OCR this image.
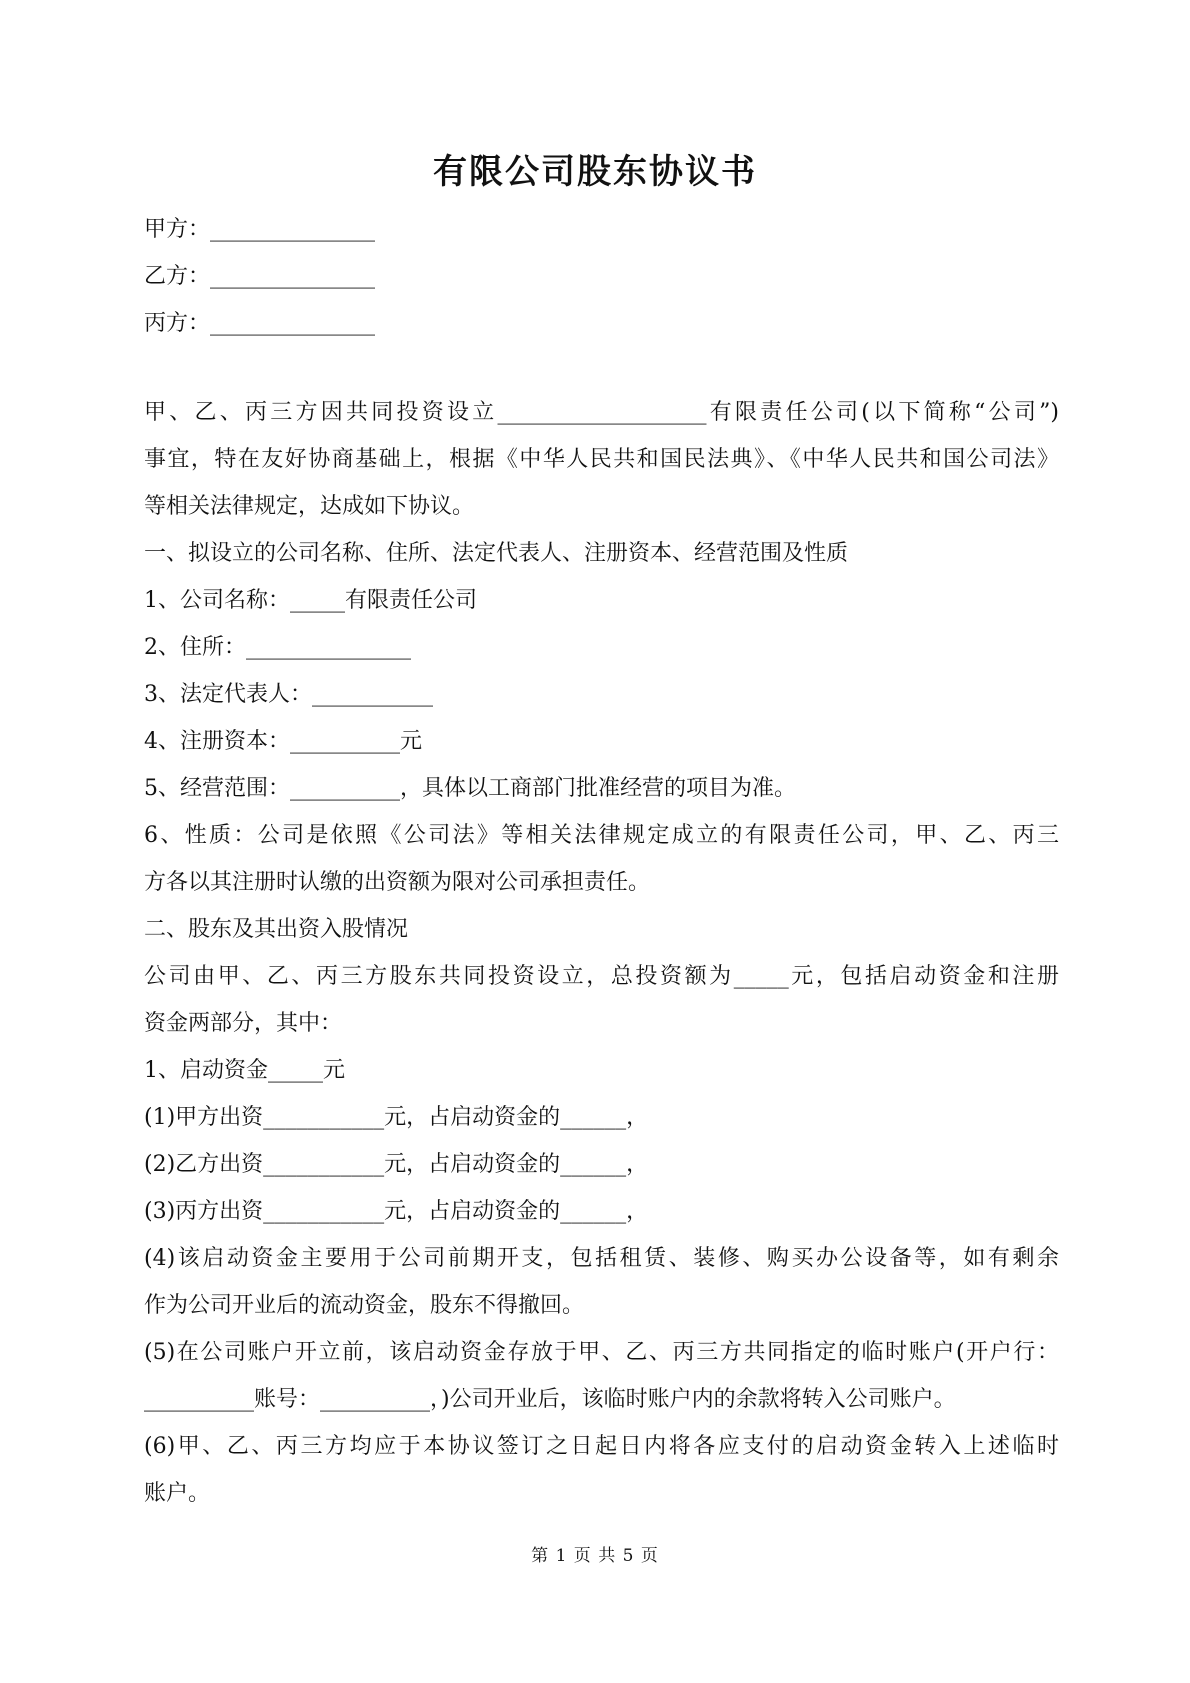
有限公司股东协议书
甲方：_______________
乙方：_______________
丙方：_______________
甲、乙、丙三方因共同投资设立___________________有限责任公司(以下简称“公司”)
事宜，特在友好协商基础上，根据《中华人民共和国民法典》、《中华人民共和国公司法》
等相关法律规定，达成如下协议。
一、拟设立的公司名称、住所、法定代表人、注册资本、经营范围及性质
1、公司名称：_____有限责任公司
2、住所：_______________
3、法定代表人：___________
4、注册资本：__________元
5、经营范围：__________，具体以工商部门批准经营的项目为准。
6、性质：公司是依照《公司法》等相关法律规定成立的有限责任公司，甲、乙、丙三
方各以其注册时认缴的出资额为限对公司承担责任。
二、股东及其出资入股情况
公司由甲、乙、丙三方股东共同投资设立，总投资额为_____元，包括启动资金和注册
资金两部分，其中：
1、启动资金_____元
(1)甲方出资___________元，占启动资金的______，
(2)乙方出资___________元，占启动资金的______，
(3)丙方出资___________元，占启动资金的______，
(4)该启动资金主要用于公司前期开支，包括租赁、装修、购买办公设备等，如有剩余
作为公司开业后的流动资金，股东不得撤回。
(5)在公司账户开立前，该启动资金存放于甲、乙、丙三方共同指定的临时账户(开户行：
__________账号：__________，)公司开业后，该临时账户内的余款将转入公司账户。
(6)甲、乙、丙三方均应于本协议签订之日起日内将各应支付的启动资金转入上述临时
账户。
第 1 页 共 5 页
